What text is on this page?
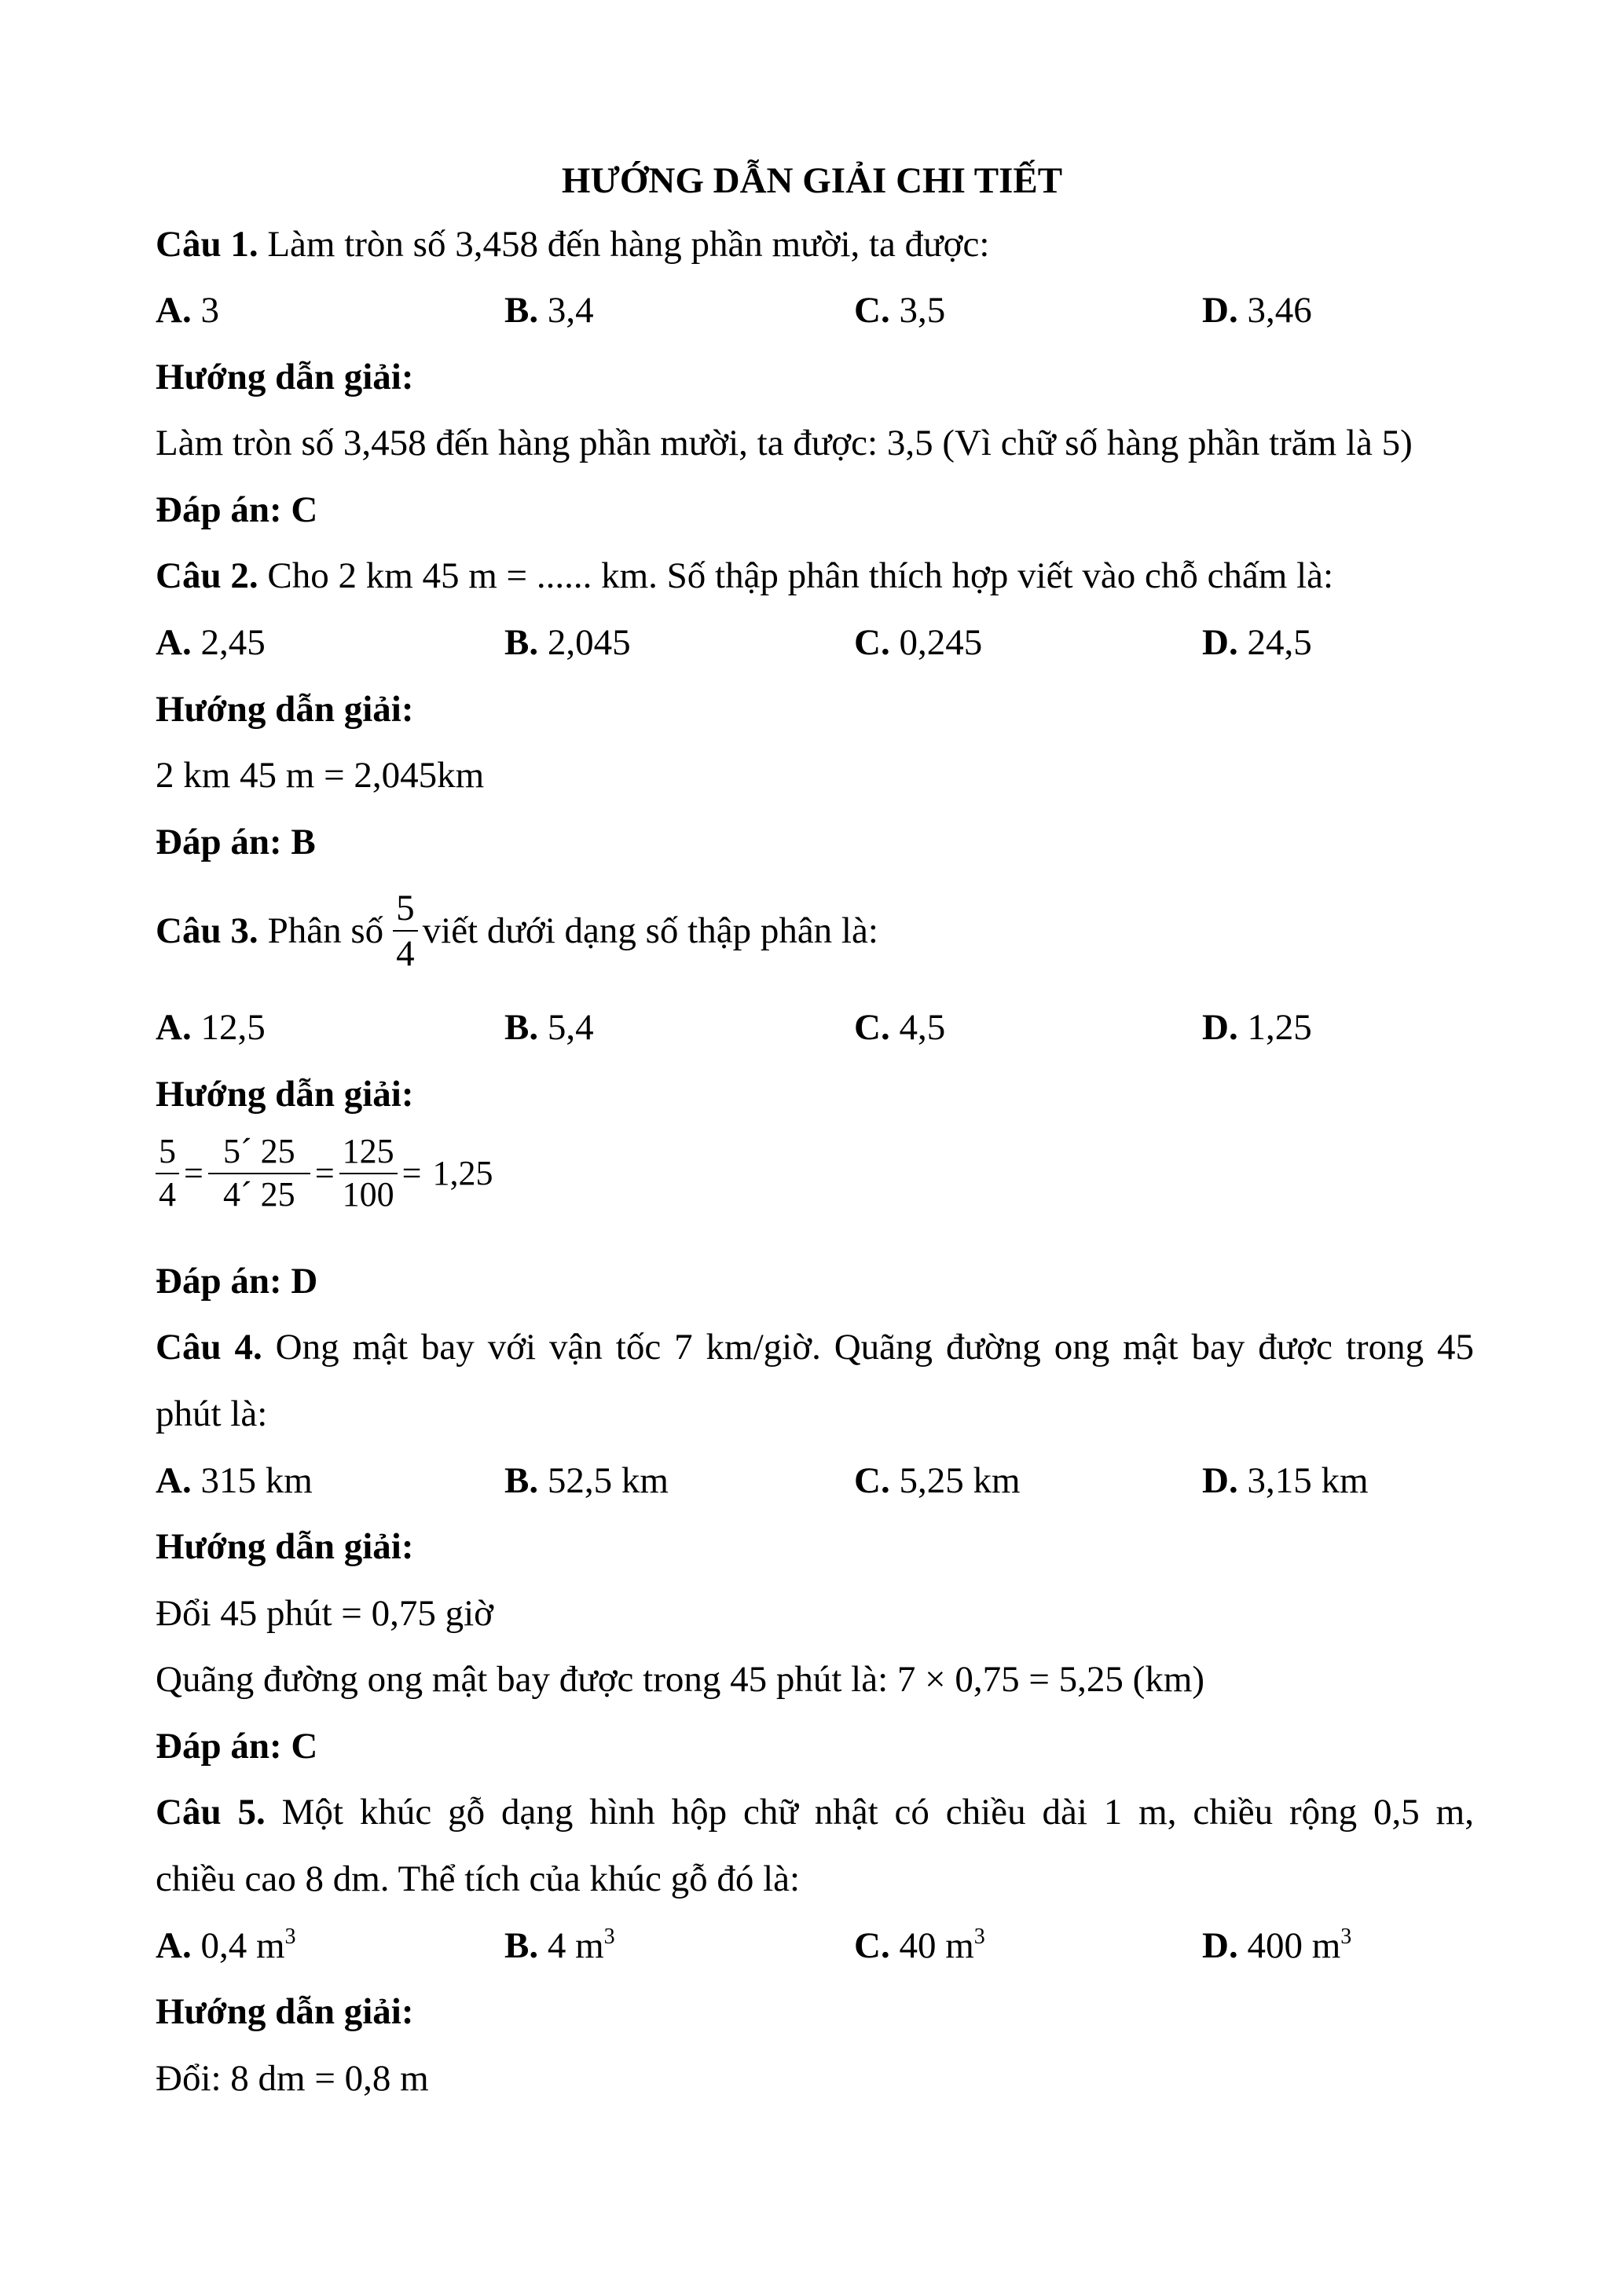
HƯỚNG DẪN GIẢI CHI TIẾT
Câu 1. Làm tròn số 3,458 đến hàng phần mười, ta được:
A. 3	B. 3,4	C. 3,5	D. 3,46
Hướng dẫn giải:
Làm tròn số 3,458 đến hàng phần mười, ta được: 3,5 (Vì chữ số hàng phần trăm là 5)
Đáp án: C
Câu 2. Cho 2 km 45 m = ...... km. Số thập phân thích hợp viết vào chỗ chấm là:
A. 2,45	B. 2,045	C. 0,245	D. 24,5
Hướng dẫn giải:
2 km 45 m = 2,045km
Đáp án: B
Câu 3. Phân số $\frac{5}{4}$ viết dưới dạng số thập phân là:
A. 12,5	B. 5,4	C. 4,5	D. 1,25
Hướng dẫn giải:
$\frac{5}{4} = \frac{5´ 25}{4´ 25} = \frac{125}{100} = 1,25$
Đáp án: D
Câu 4. Ong mật bay với vận tốc 7 km/giờ. Quãng đường ong mật bay được trong 45
phút là:
A. 315 km	B. 52,5 km	C. 5,25 km	D. 3,15 km
Hướng dẫn giải:
Đổi 45 phút = 0,75 giờ
Quãng đường ong mật bay được trong 45 phút là: 7 × 0,75 = 5,25 (km)
Đáp án: C
Câu 5. Một khúc gỗ dạng hình hộp chữ nhật có chiều dài 1 m, chiều rộng 0,5 m,
chiều cao 8 dm. Thể tích của khúc gỗ đó là:
A. 0,4 $m^3$	B. 4 $m^3$	C. 40 $m^3$	D. 400 $m^3$
Hướng dẫn giải:
Đổi: 8 dm = 0,8 m
